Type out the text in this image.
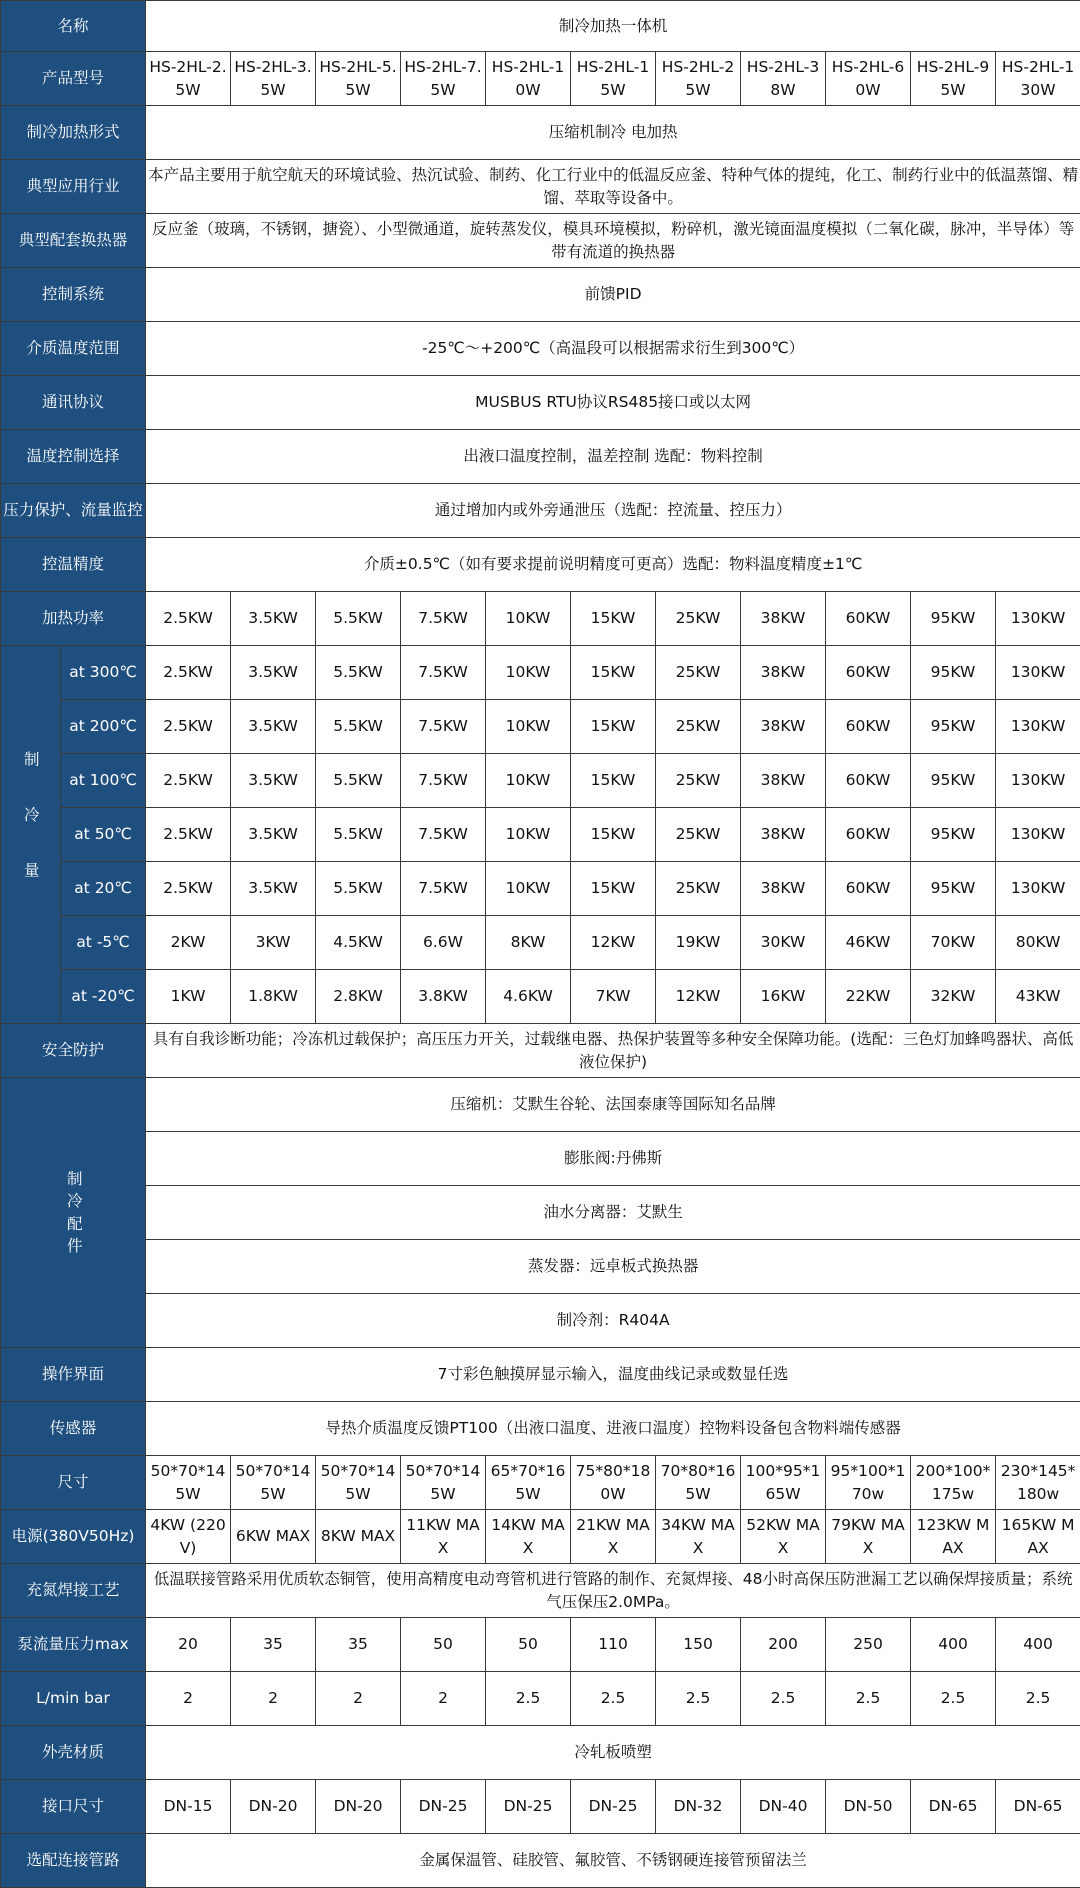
名称		制冷加热一体机										
产品型号		HS-2HL-2.5W	HS-2HL-3.5W	HS-2HL-5.5W	HS-2HL-7.5W	HS-2HL-10W	HS-2HL-15W	HS-2HL-25W	HS-2HL-38W	HS-2HL-60W	HS-2HL-95W	HS-2HL-130W
制冷加热形式		压缩机制冷 电加热										
典型应用行业		本产品主要用于航空航天的环境试验、热沉试验、制药、化工行业中的低温反应釜、特种气体的提纯，化工、制药行业中的低温蒸馏、精馏、萃取等设备中。										
典型配套换热器		反应釜（玻璃，不锈钢，搪瓷）、小型微通道，旋转蒸发仪，模具环境模拟，粉碎机，激光镜面温度模拟（二氧化碳，脉冲，半导体）等带有流道的换热器										
控制系统		前馈PID										
介质温度范围		-25℃～+200℃（高温段可以根据需求衍生到300℃）										
通讯协议		MUSBUS RTU协议RS485接口或以太网										
温度控制选择		出液口温度控制，温差控制 选配：物料控制										
压力保护、流量监控		通过增加内或外旁通泄压（选配：控流量、控压力）										
控温精度		介质±0.5℃（如有要求提前说明精度可更高）选配：物料温度精度±1℃										
加热功率		2.5KW	3.5KW	5.5KW	7.5KW	10KW	15KW	25KW	38KW	60KW	95KW	130KW
制冷量	at 300℃	2.5KW	3.5KW	5.5KW	7.5KW	10KW	15KW	25KW	38KW	60KW	95KW	130KW
	at 200℃	2.5KW	3.5KW	5.5KW	7.5KW	10KW	15KW	25KW	38KW	60KW	95KW	130KW
	at 100℃	2.5KW	3.5KW	5.5KW	7.5KW	10KW	15KW	25KW	38KW	60KW	95KW	130KW
	at 50℃	2.5KW	3.5KW	5.5KW	7.5KW	10KW	15KW	25KW	38KW	60KW	95KW	130KW
	at 20℃	2.5KW	3.5KW	5.5KW	7.5KW	10KW	15KW	25KW	38KW	60KW	95KW	130KW
	at -5℃	2KW	3KW	4.5KW	6.6W	8KW	12KW	19KW	30KW	46KW	70KW	80KW
	at -20℃	1KW	1.8KW	2.8KW	3.8KW	4.6KW	7KW	12KW	16KW	22KW	32KW	43KW
安全防护		具有自我诊断功能；冷冻机过载保护；高压压力开关，过载继电器、热保护装置等多种安全保障功能。(选配：三色灯加蜂鸣器状、高低液位保护)										
制冷配件		压缩机：艾默生谷轮、法国泰康等国际知名品牌										
		膨胀阀:丹佛斯										
		油水分离器：艾默生										
		蒸发器：远卓板式换热器										
		制冷剂：R404A										
操作界面		7寸彩色触摸屏显示输入，温度曲线记录或数显任选										
传感器		导热介质温度反馈PT100（出液口温度、进液口温度）控物料设备包含物料端传感器										
尺寸		50*70*145W	50*70*145W	50*70*145W	50*70*145W	65*70*165W	75*80*180W	70*80*165W	100*95*165W	95*100*170w	200*100*175w	230*145*180w
电源(380V50Hz)		4KW (220V)	6KW MAX	8KW MAX	11KW MAX	14KW MAX	21KW MAX	34KW MAX	52KW MAX	79KW MAX	123KW MAX	165KW MAX
充氮焊接工艺		低温联接管路采用优质软态铜管，使用高精度电动弯管机进行管路的制作、充氮焊接、48小时高保压防泄漏工艺以确保焊接质量；系统气压保压2.0MPa。										
泵流量压力max		20	35	35	50	50	110	150	200	250	400	400
L/min bar		2	2	2	2	2.5	2.5	2.5	2.5	2.5	2.5	2.5
外壳材质		冷轧板喷塑										
接口尺寸		DN-15	DN-20	DN-20	DN-25	DN-25	DN-25	DN-32	DN-40	DN-50	DN-65	DN-65
选配连接管路		金属保温管、硅胶管、氟胶管、不锈钢硬连接管预留法兰										
